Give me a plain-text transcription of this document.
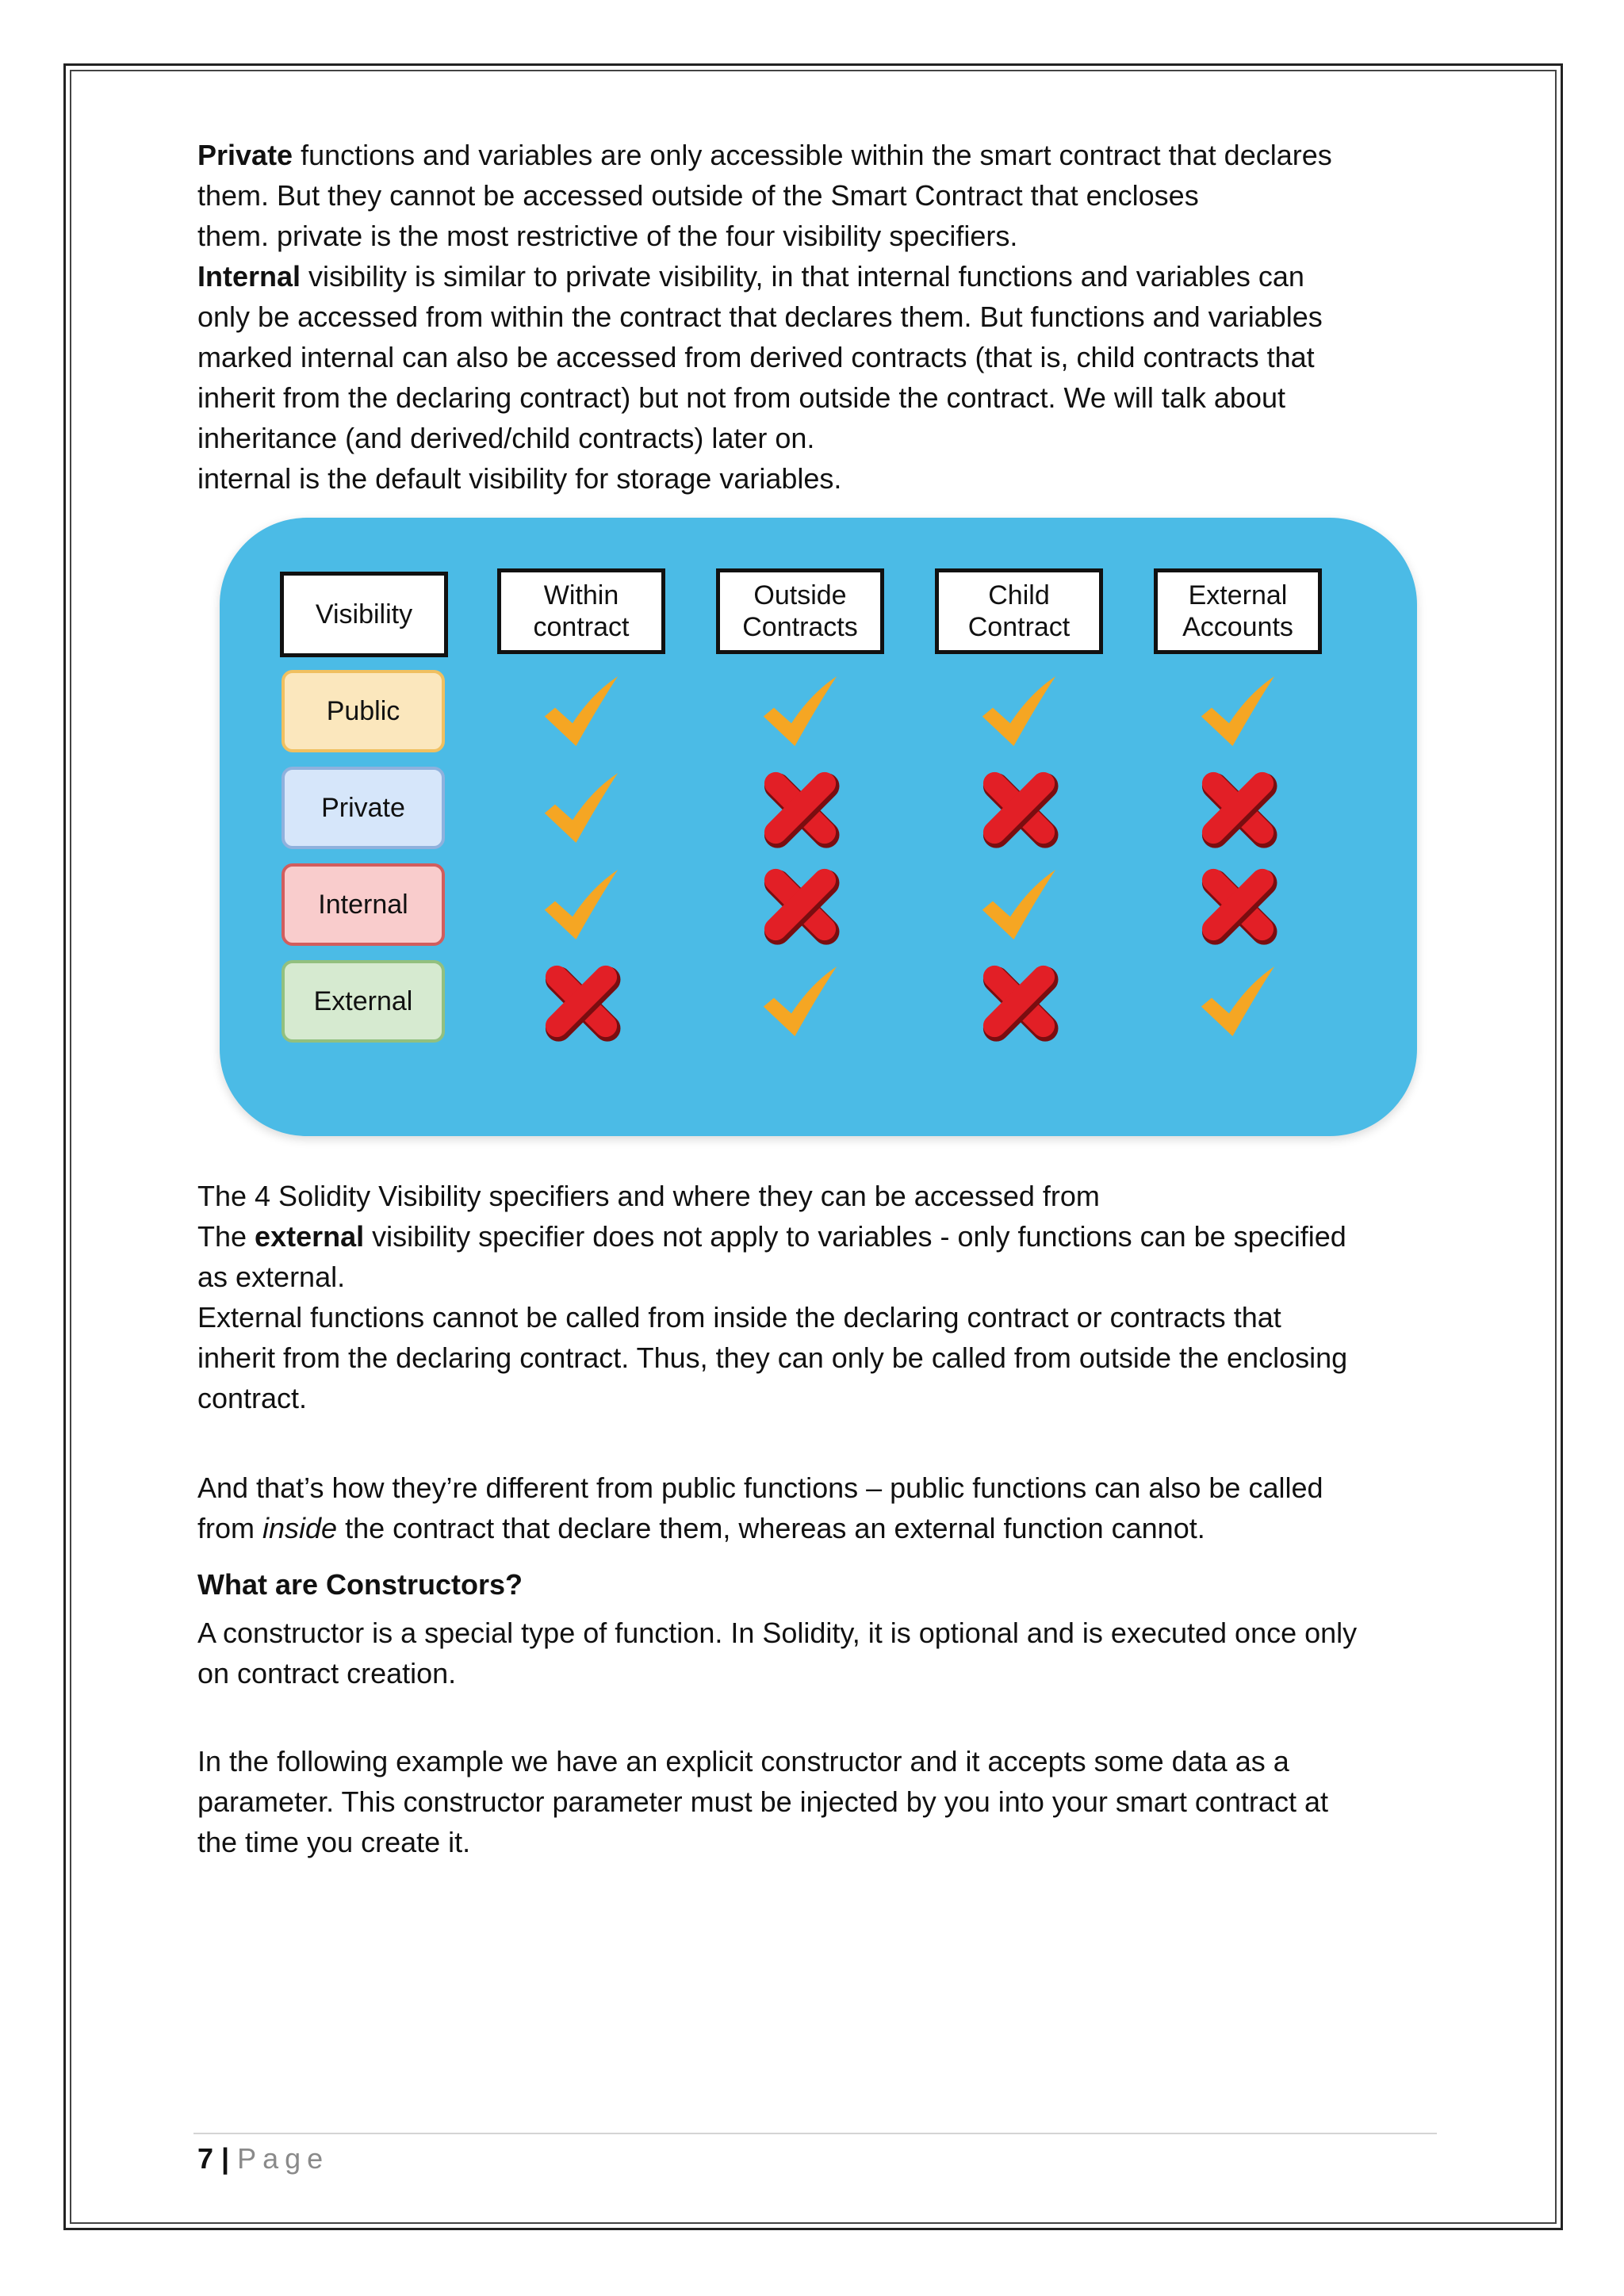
Private functions and variables are only accessible within the smart contract that declares
them. But they cannot be accessed outside of the Smart Contract that encloses
them. private is the most restrictive of the four visibility specifiers.

Internal visibility is similar to private visibility, in that internal functions and variables can
only be accessed from within the contract that declares them. But functions and variables
marked internal can also be accessed from derived contracts (that is, child contracts that
inherit from the declaring contract) but not from outside the contract. We will talk about
inheritance (and derived/child contracts) later on.
internal is the default visibility for storage variables.

Visibility
Within contract
Outside Contracts
Child Contract
External Accounts
Public
Private
Internal
External

The 4 Solidity Visibility specifiers and where they can be accessed from

The external visibility specifier does not apply to variables - only functions can be specified
as external.
External functions cannot be called from inside the declaring contract or contracts that
inherit from the declaring contract. Thus, they can only be called from outside the enclosing
contract.

And that’s how they’re different from public functions – public functions can also be called
from inside the contract that declare them, whereas an external function cannot.

What are Constructors?

A constructor is a special type of function. In Solidity, it is optional and is executed once only
on contract creation.

In the following example we have an explicit constructor and it accepts some data as a
parameter. This constructor parameter must be injected by you into your smart contract at
the time you create it.

7 | Page
